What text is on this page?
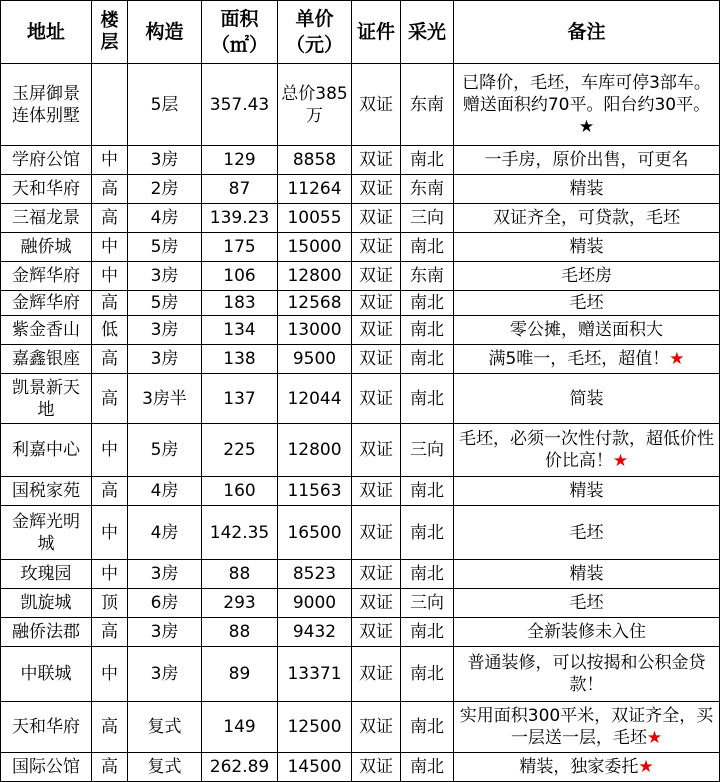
地址	楼层	构造	面积（㎡）	单价（元）	证件	采光	备注
玉屏御景连体别墅		5层	357.43	总价385万	双证	东南	已降价，毛坯，车库可停3部车。赠送面积约70平。阳台约30平。★
学府公馆	中	3房	129	8858	双证	南北	一手房，原价出售，可更名
天和华府	高	2房	87	11264	双证	东南	精装
三福龙景	高	4房	139.23	10055	双证	三向	双证齐全，可贷款，毛坯
融侨城	中	5房	175	15000	双证	南北	精装
金辉华府	中	3房	106	12800	双证	东南	毛坯房
金辉华府	高	5房	183	12568	双证	南北	毛坯
紫金香山	低	3房	134	13000	双证	南北	零公摊，赠送面积大
嘉鑫银座	高	3房	138	9500	双证	南北	满5唯一，毛坯，超值！★
凯景新天地	高	3房半	137	12044	双证	南北	简装
利嘉中心	中	5房	225	12800	双证	三向	毛坯，必须一次性付款，超低价性价比高！★
国税家苑	高	4房	160	11563	双证	南北	精装
金辉光明城	中	4房	142.35	16500	双证	南北	毛坯
玫瑰园	中	3房	88	8523	双证	南北	精装
凯旋城	顶	6房	293	9000	双证	三向	毛坯
融侨法郡	高	3房	88	9432	双证	南北	全新装修未入住
中联城	中	3房	89	13371	双证	南北	普通装修，可以按揭和公积金贷款！
天和华府	高	复式	149	12500	双证	南北	实用面积300平米，双证齐全，买一层送一层，毛坯★
国际公馆	高	复式	262.89	14500	双证	南北	精装，独家委托★
